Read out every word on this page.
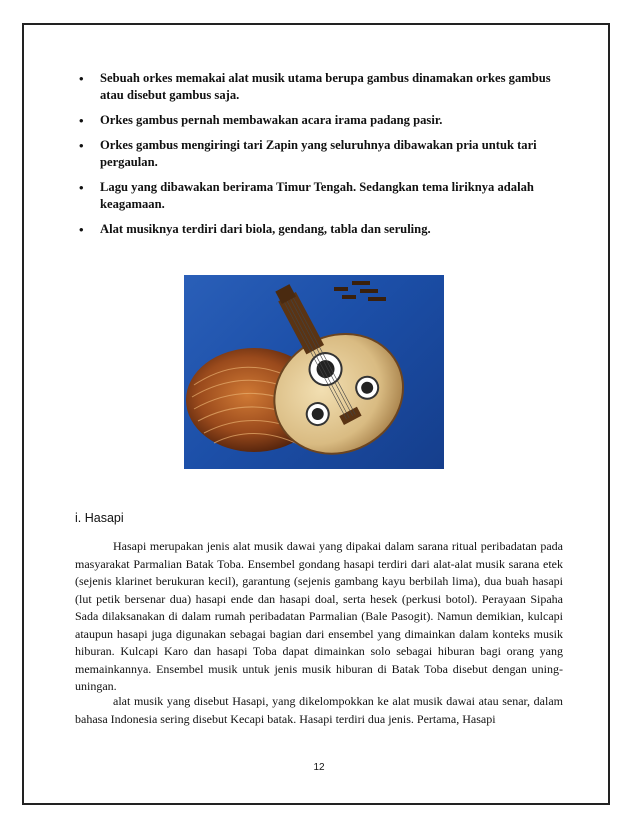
• Sebuah orkes memakai alat musik utama berupa gambus dinamakan orkes gambus atau disebut gambus saja.
• Orkes gambus pernah membawakan acara irama padang pasir.
• Orkes gambus mengiringi tari Zapin yang seluruhnya dibawakan pria untuk tari pergaulan.
• Lagu yang dibawakan berirama Timur Tengah. Sedangkan tema liriknya adalah keagamaan.
• Alat musiknya terdiri dari biola, gendang, tabla dan seruling.
i. Hasapi

Hasapi merupakan jenis alat musik dawai yang dipakai dalam sarana ritual peribadatan pada masyarakat Parmalian Batak Toba. Ensembel gondang hasapi terdiri dari alat-alat musik sarana etek (sejenis klarinet berukuran kecil), garantung (sejenis gambang kayu berbilah lima), dua buah hasapi (lut petik bersenar dua) hasapi ende dan hasapi doal, serta hesek (perkusi botol). Perayaan Sipaha Sada dilaksanakan di dalam rumah peribadatan Parmalian (Bale Pasogit). Namun demikian, kulcapi ataupun hasapi juga digunakan sebagai bagian dari ensembel yang dimainkan dalam konteks musik hiburan. Kulcapi Karo dan hasapi Toba dapat dimainkan solo sebagai hiburan bagi orang yang memainkannya. Ensembel musik untuk jenis musik hiburan di Batak Toba disebut dengan uning-uningan.

alat musik yang disebut Hasapi, yang dikelompokkan ke alat musik dawai atau senar, dalam bahasa Indonesia sering disebut Kecapi batak. Hasapi terdiri dua jenis. Pertama, Hasapi

12
